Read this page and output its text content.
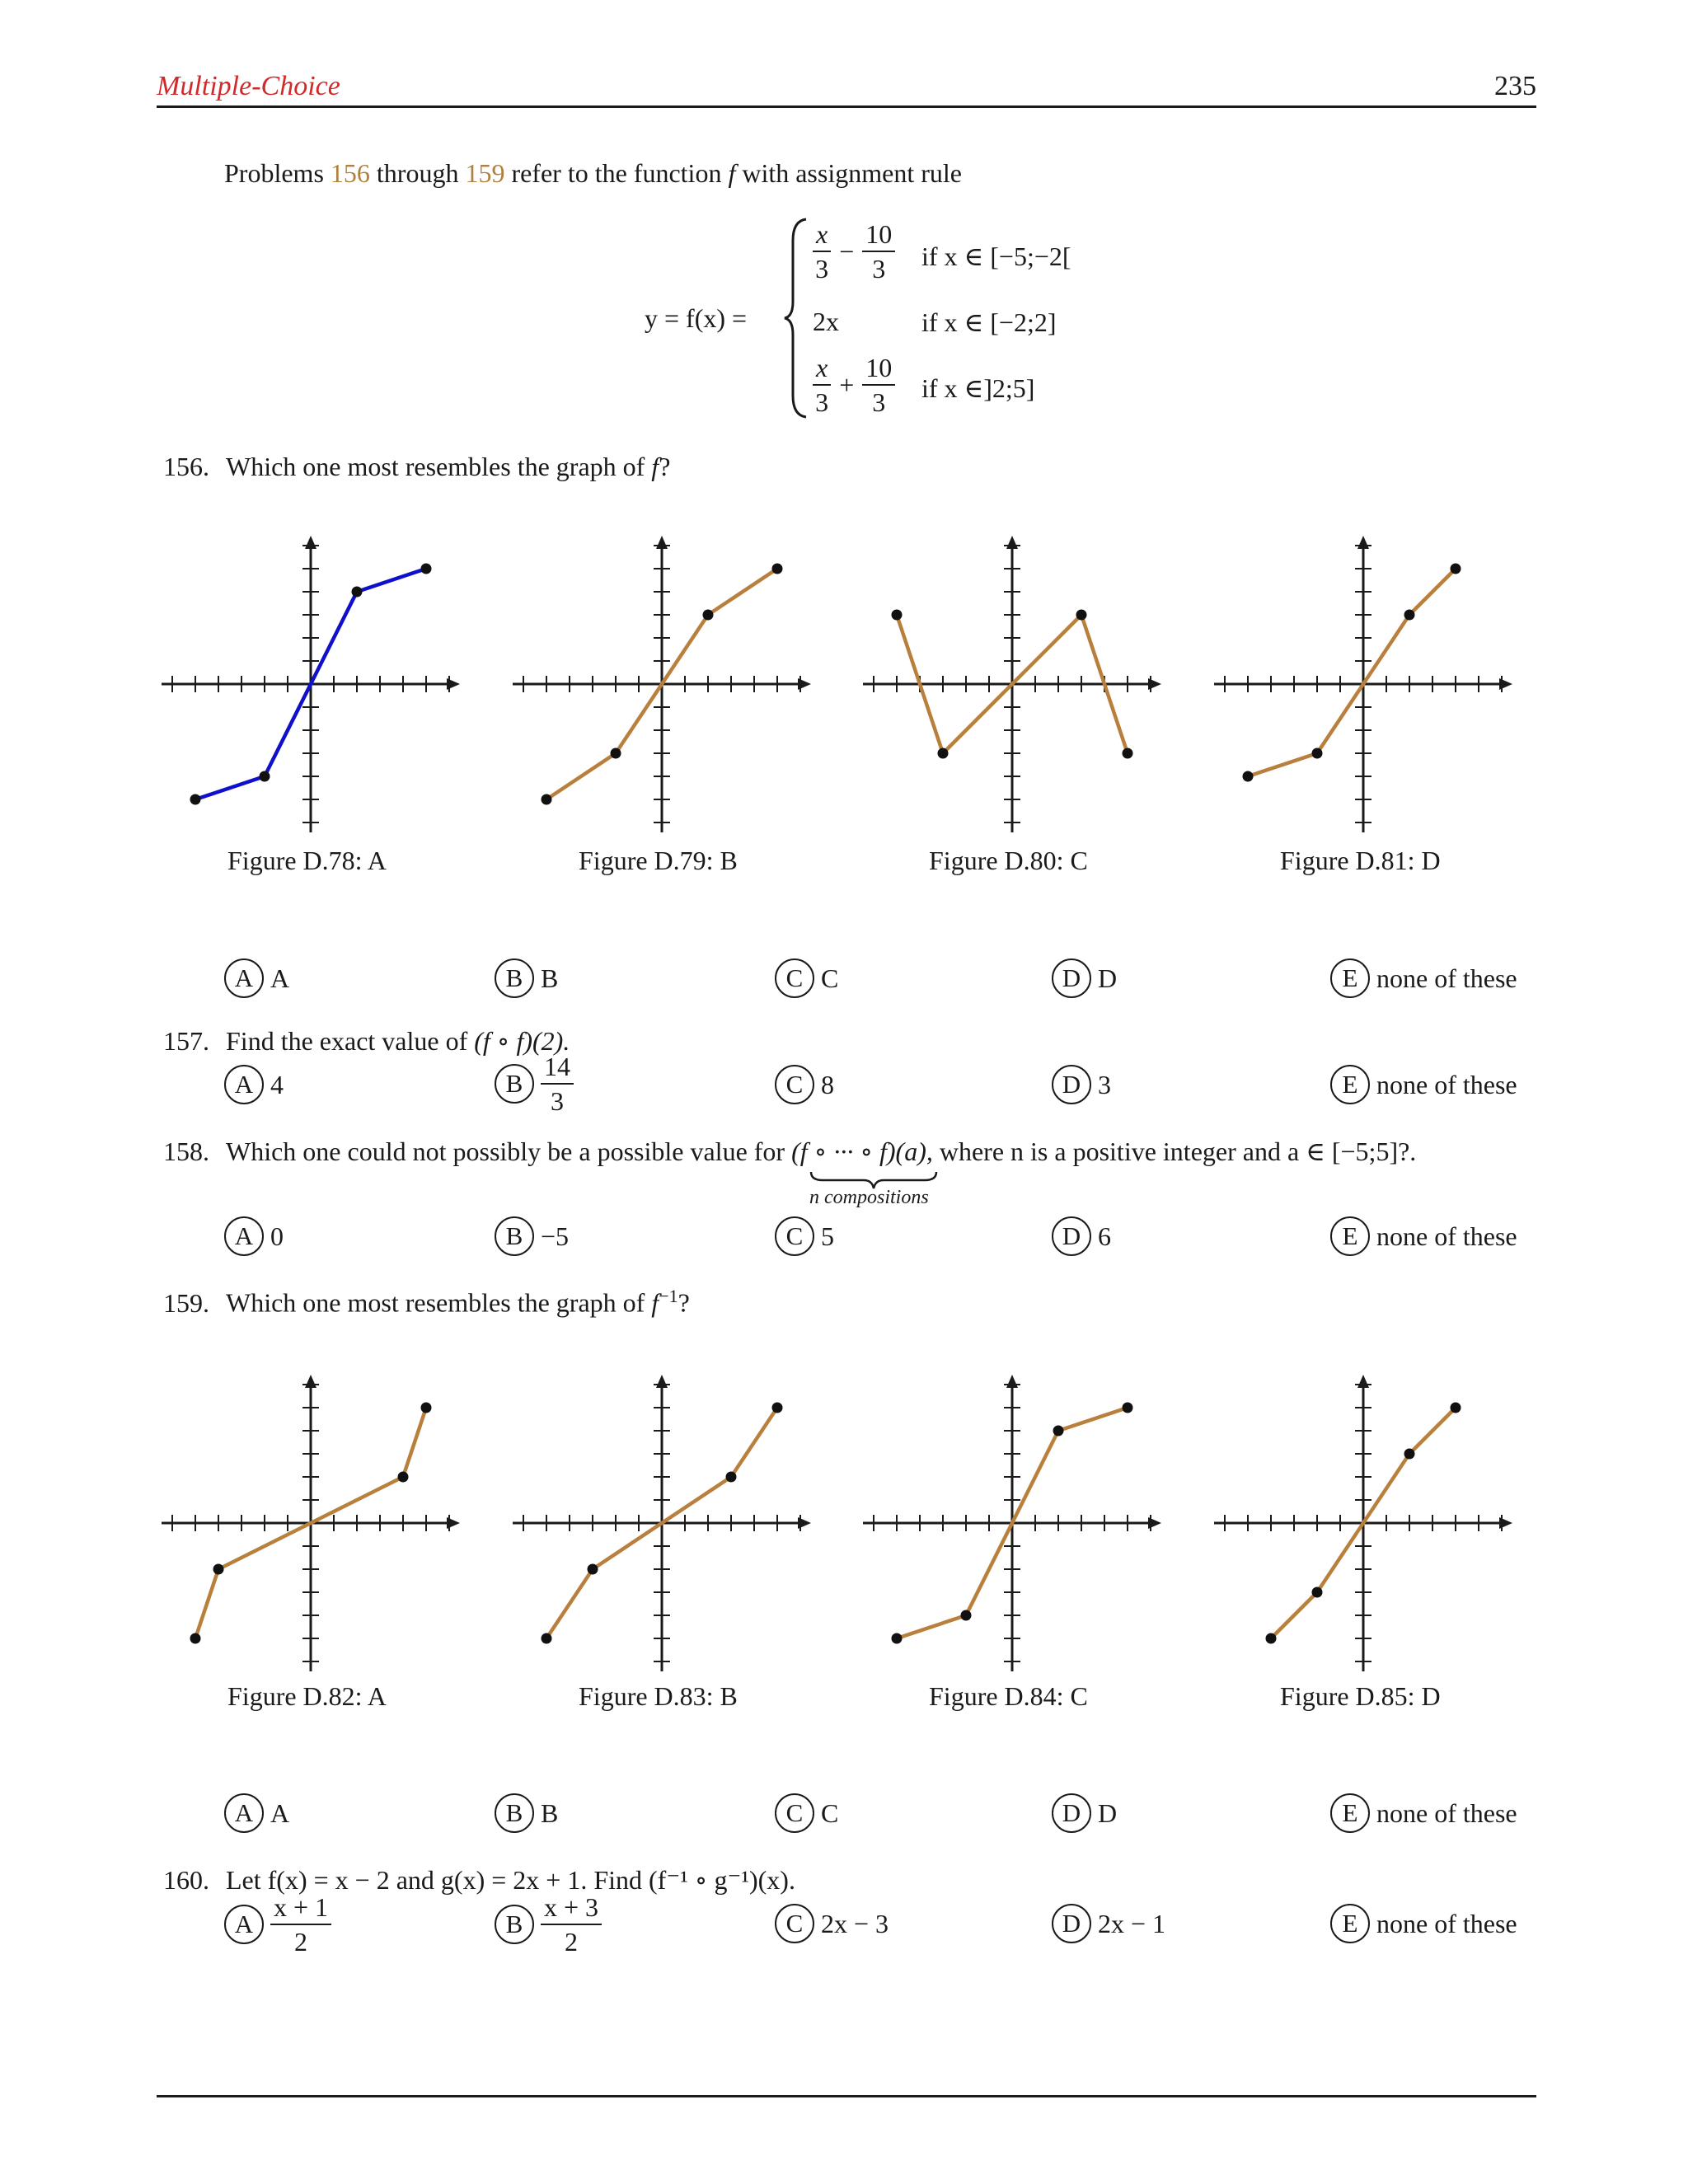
Multiple-Choice	235
Problems 156 through 159 refer to the function f with assignment rule
y = f(x) =
$\frac{x}{3} - \frac{10}{3}$ if x ∈ [−5;−2[
2x	if x ∈ [−2;2]
$\frac{x}{3} + \frac{10}{3}$ if x ∈]2;5]
156. Which one most resembles the graph of f?
Figure D.78: A	Figure D.79: B	Figure D.80: C	Figure D.81: D
A A	B B	C C	D D	E none of these
157. Find the exact value of (f ∘ f)(2).
A 4	B $\frac{14}{3}$	C 8	D 3	E none of these
158. Which one could not possibly be a possible value for (f ∘ ··· ∘ f)(a), where n is a positive integer and a ∈ [−5;5]?.
n compositions
A 0	B −5	C 5	D 6	E none of these
159. Which one most resembles the graph of $f^{-1}$?
Figure D.82: A	Figure D.83: B	Figure D.84: C	Figure D.85: D
A A	B B	C C	D D	E none of these
160. Let f(x) = x − 2 and g(x) = 2x + 1. Find (f⁻¹ ∘ g⁻¹)(x).
A $\frac{x + 1}{2}$	B $\frac{x + 3}{2}$	C 2x − 3	D 2x − 1	E none of these
